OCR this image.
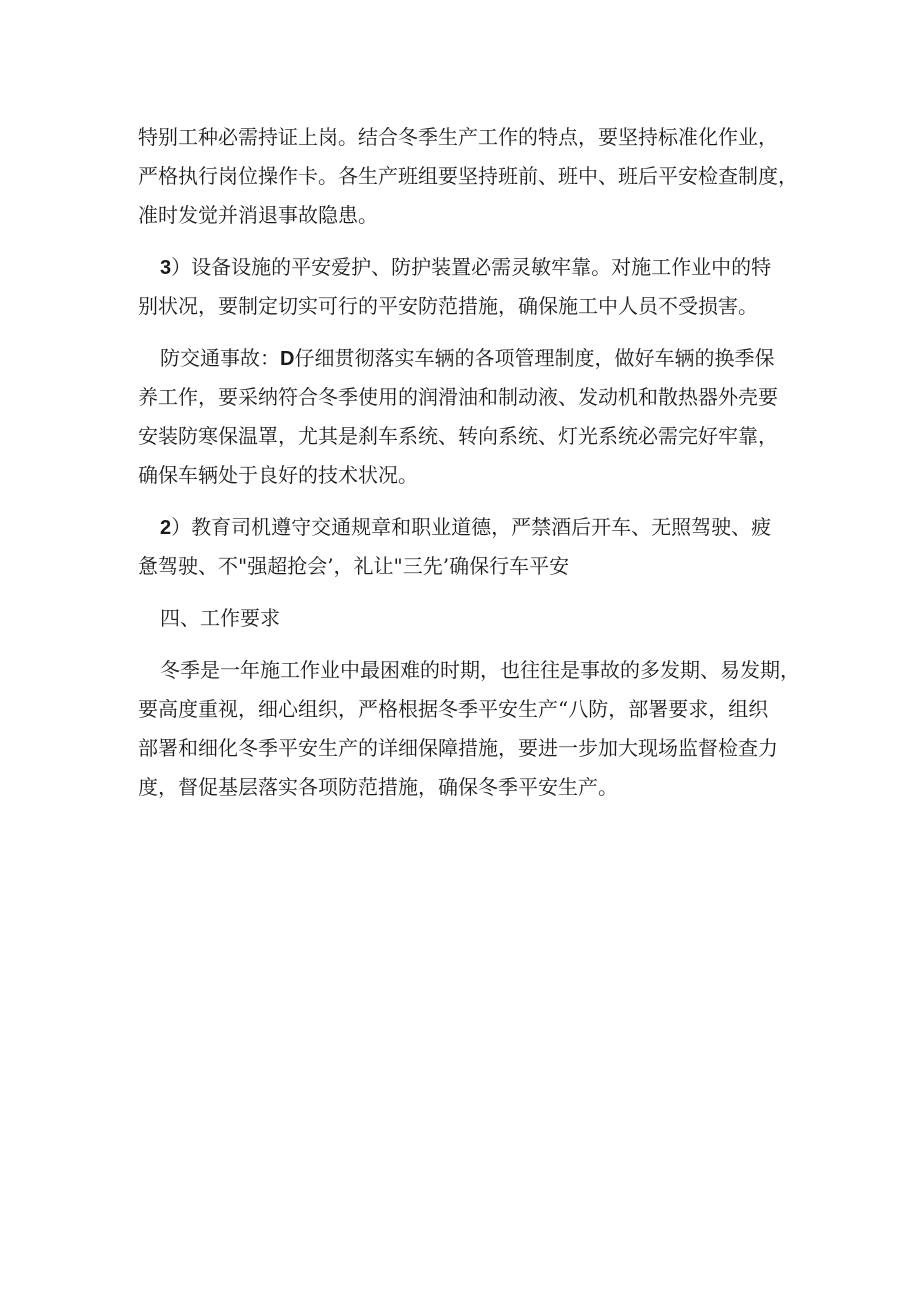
特别工种必需持证上岗。结合冬季生产工作的特点，要坚持标准化作业，
严格执行岗位操作卡。各生产班组要坚持班前、班中、班后平安检查制度，
准时发觉并消退事故隐患。

3）设备设施的平安爱护、防护装置必需灵敏牢靠。对施工作业中的特
别状况，要制定切实可行的平安防范措施，确保施工中人员不受损害。

防交通事故：D仔细贯彻落实车辆的各项管理制度，做好车辆的换季保
养工作，要采纳符合冬季使用的润滑油和制动液、发动机和散热器外壳要
安装防寒保温罩，尤其是刹车系统、转向系统、灯光系统必需完好牢靠，
确保车辆处于良好的技术状况。

2）教育司机遵守交通规章和职业道德，严禁酒后开车、无照驾驶、疲
惫驾驶、不"强超抢会’，礼让"三先’确保行车平安

四、工作要求

冬季是一年施工作业中最困难的时期，也往往是事故的多发期、易发期，
要高度重视，细心组织，严格根据冬季平安生产“八防，部署要求，组织
部署和细化冬季平安生产的详细保障措施，要进一步加大现场监督检查力
度，督促基层落实各项防范措施，确保冬季平安生产。
